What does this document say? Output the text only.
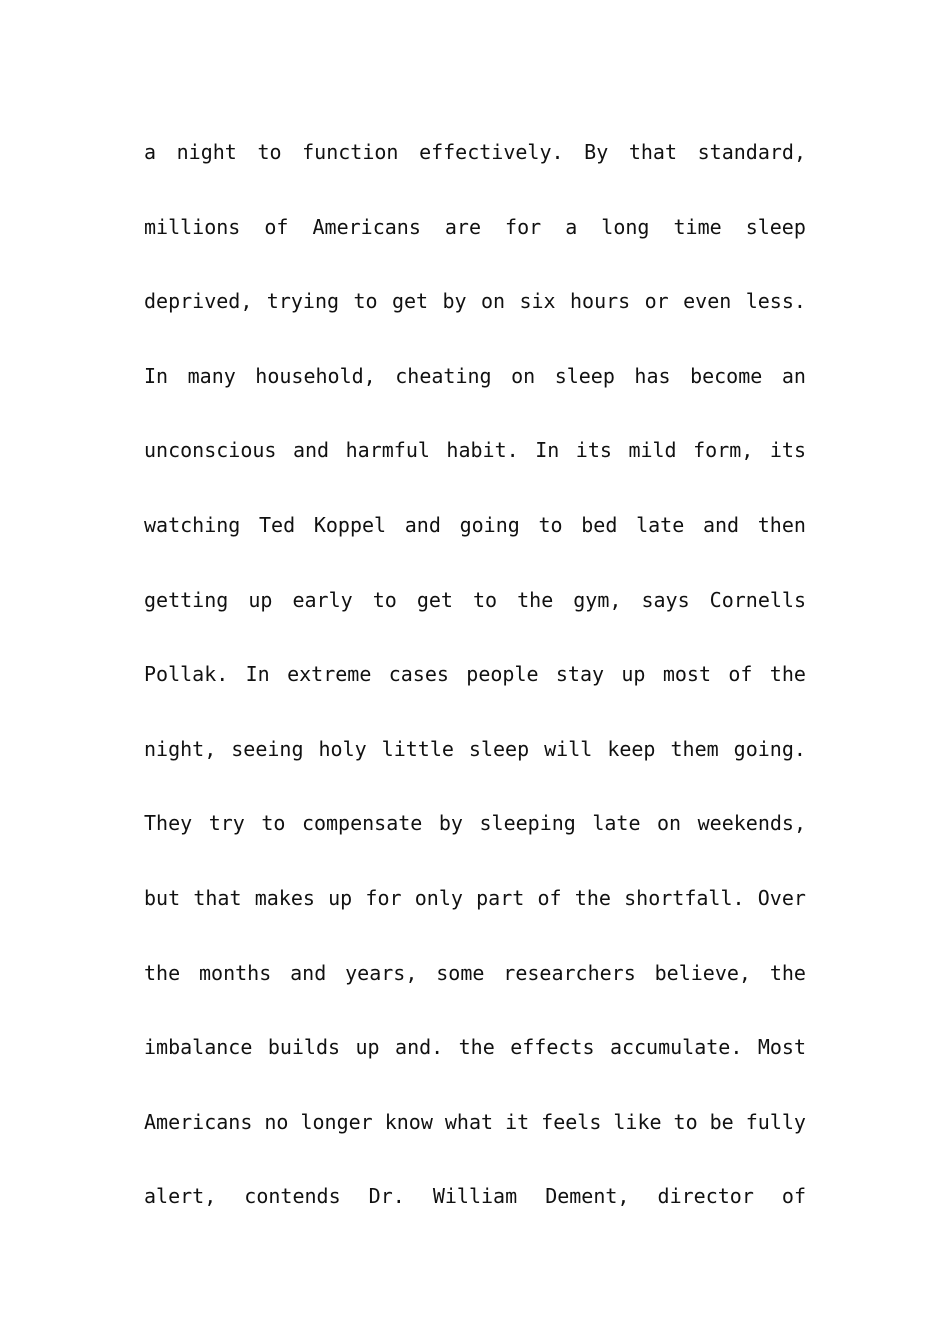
a night to function effectively. By that standard,
millions of Americans are for a long time sleep
deprived, trying to get by on six hours or even less.
In many household, cheating on sleep has become an
unconscious and harmful habit. In its mild form, its
watching Ted Koppel and going to bed late and then
getting up early to get to the gym, says Cornells
Pollak. In extreme cases people stay up most of the
night, seeing holy little sleep will keep them going.
They try to compensate by sleeping late on weekends,
but that makes up for only part of the shortfall. Over
the months and years, some researchers believe, the
imbalance builds up and. the effects accumulate. Most
Americans no longer know what it feels like to be fully
alert, contends Dr. William Dement, director of
